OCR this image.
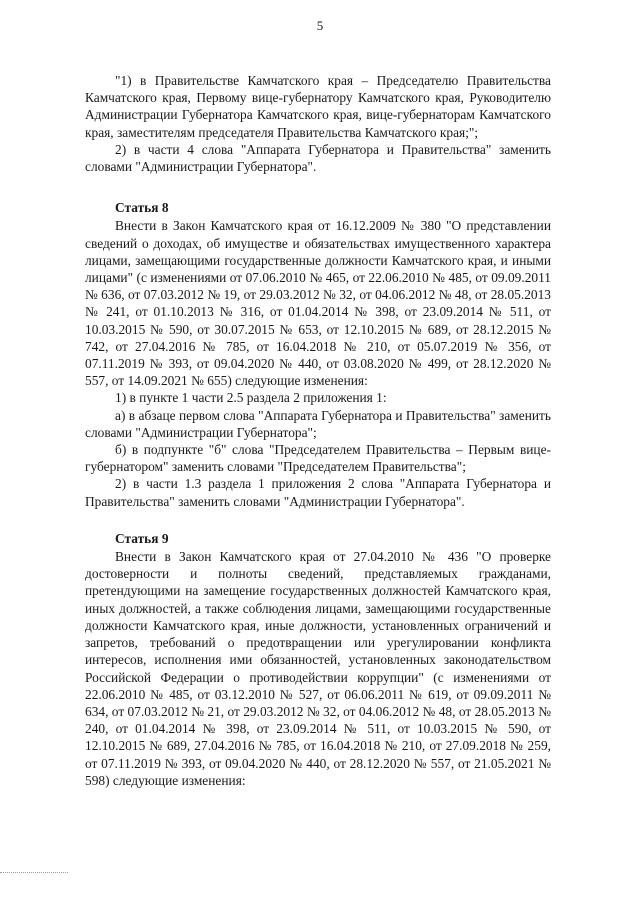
5

"1) в Правительстве Камчатского края – Председателю Правительства Камчатского края, Первому вице-губернатору Камчатского края, Руководителю Администрации Губернатора Камчатского края, вице-губернаторам Камчатского края, заместителям председателя Правительства Камчатского края;";

2) в части 4 слова "Аппарата Губернатора и Правительства" заменить словами "Администрации Губернатора".

Статья 8

Внести в Закон Камчатского края от 16.12.2009 № 380 "О представлении сведений о доходах, об имуществе и обязательствах имущественного характера лицами, замещающими государственные должности Камчатского края, и иными лицами" (с изменениями от 07.06.2010 № 465, от 22.06.2010 № 485, от 09.09.2011 № 636, от 07.03.2012 № 19, от 29.03.2012 № 32, от 04.06.2012 № 48, от 28.05.2013 № 241, от 01.10.2013 № 316, от 01.04.2014 № 398, от 23.09.2014 № 511, от 10.03.2015 № 590, от 30.07.2015 № 653, от 12.10.2015 № 689, от 28.12.2015 № 742, от 27.04.2016 № 785, от 16.04.2018 № 210, от 05.07.2019 № 356, от 07.11.2019 № 393, от 09.04.2020 № 440, от 03.08.2020 № 499, от 28.12.2020 № 557, от 14.09.2021 № 655) следующие изменения:

1) в пункте 1 части 2.5 раздела 2 приложения 1:

а) в абзаце первом слова "Аппарата Губернатора и Правительства" заменить словами "Администрации Губернатора";

б) в подпункте "б" слова "Председателем Правительства – Первым вице-губернатором" заменить словами "Председателем Правительства";

2) в части 1.3 раздела 1 приложения 2 слова "Аппарата Губернатора и Правительства" заменить словами "Администрации Губернатора".

Статья 9

Внести в Закон Камчатского края от 27.04.2010 № 436 "О проверке достоверности и полноты сведений, представляемых гражданами, претендующими на замещение государственных должностей Камчатского края, иных должностей, а также соблюдения лицами, замещающими государственные должности Камчатского края, иные должности, установленных ограничений и запретов, требований о предотвращении или урегулировании конфликта интересов, исполнения ими обязанностей, установленных законодательством Российской Федерации о противодействии коррупции" (с изменениями от 22.06.2010 № 485, от 03.12.2010 № 527, от 06.06.2011 № 619, от 09.09.2011 № 634, от 07.03.2012 № 21, от 29.03.2012 № 32, от 04.06.2012 № 48, от 28.05.2013 № 240, от 01.04.2014 № 398, от 23.09.2014 № 511, от 10.03.2015 № 590, от 12.10.2015 № 689, 27.04.2016 № 785, от 16.04.2018 № 210, от 27.09.2018 № 259, от 07.11.2019 № 393, от 09.04.2020 № 440, от 28.12.2020 № 557, от 21.05.2021 № 598) следующие изменения:
